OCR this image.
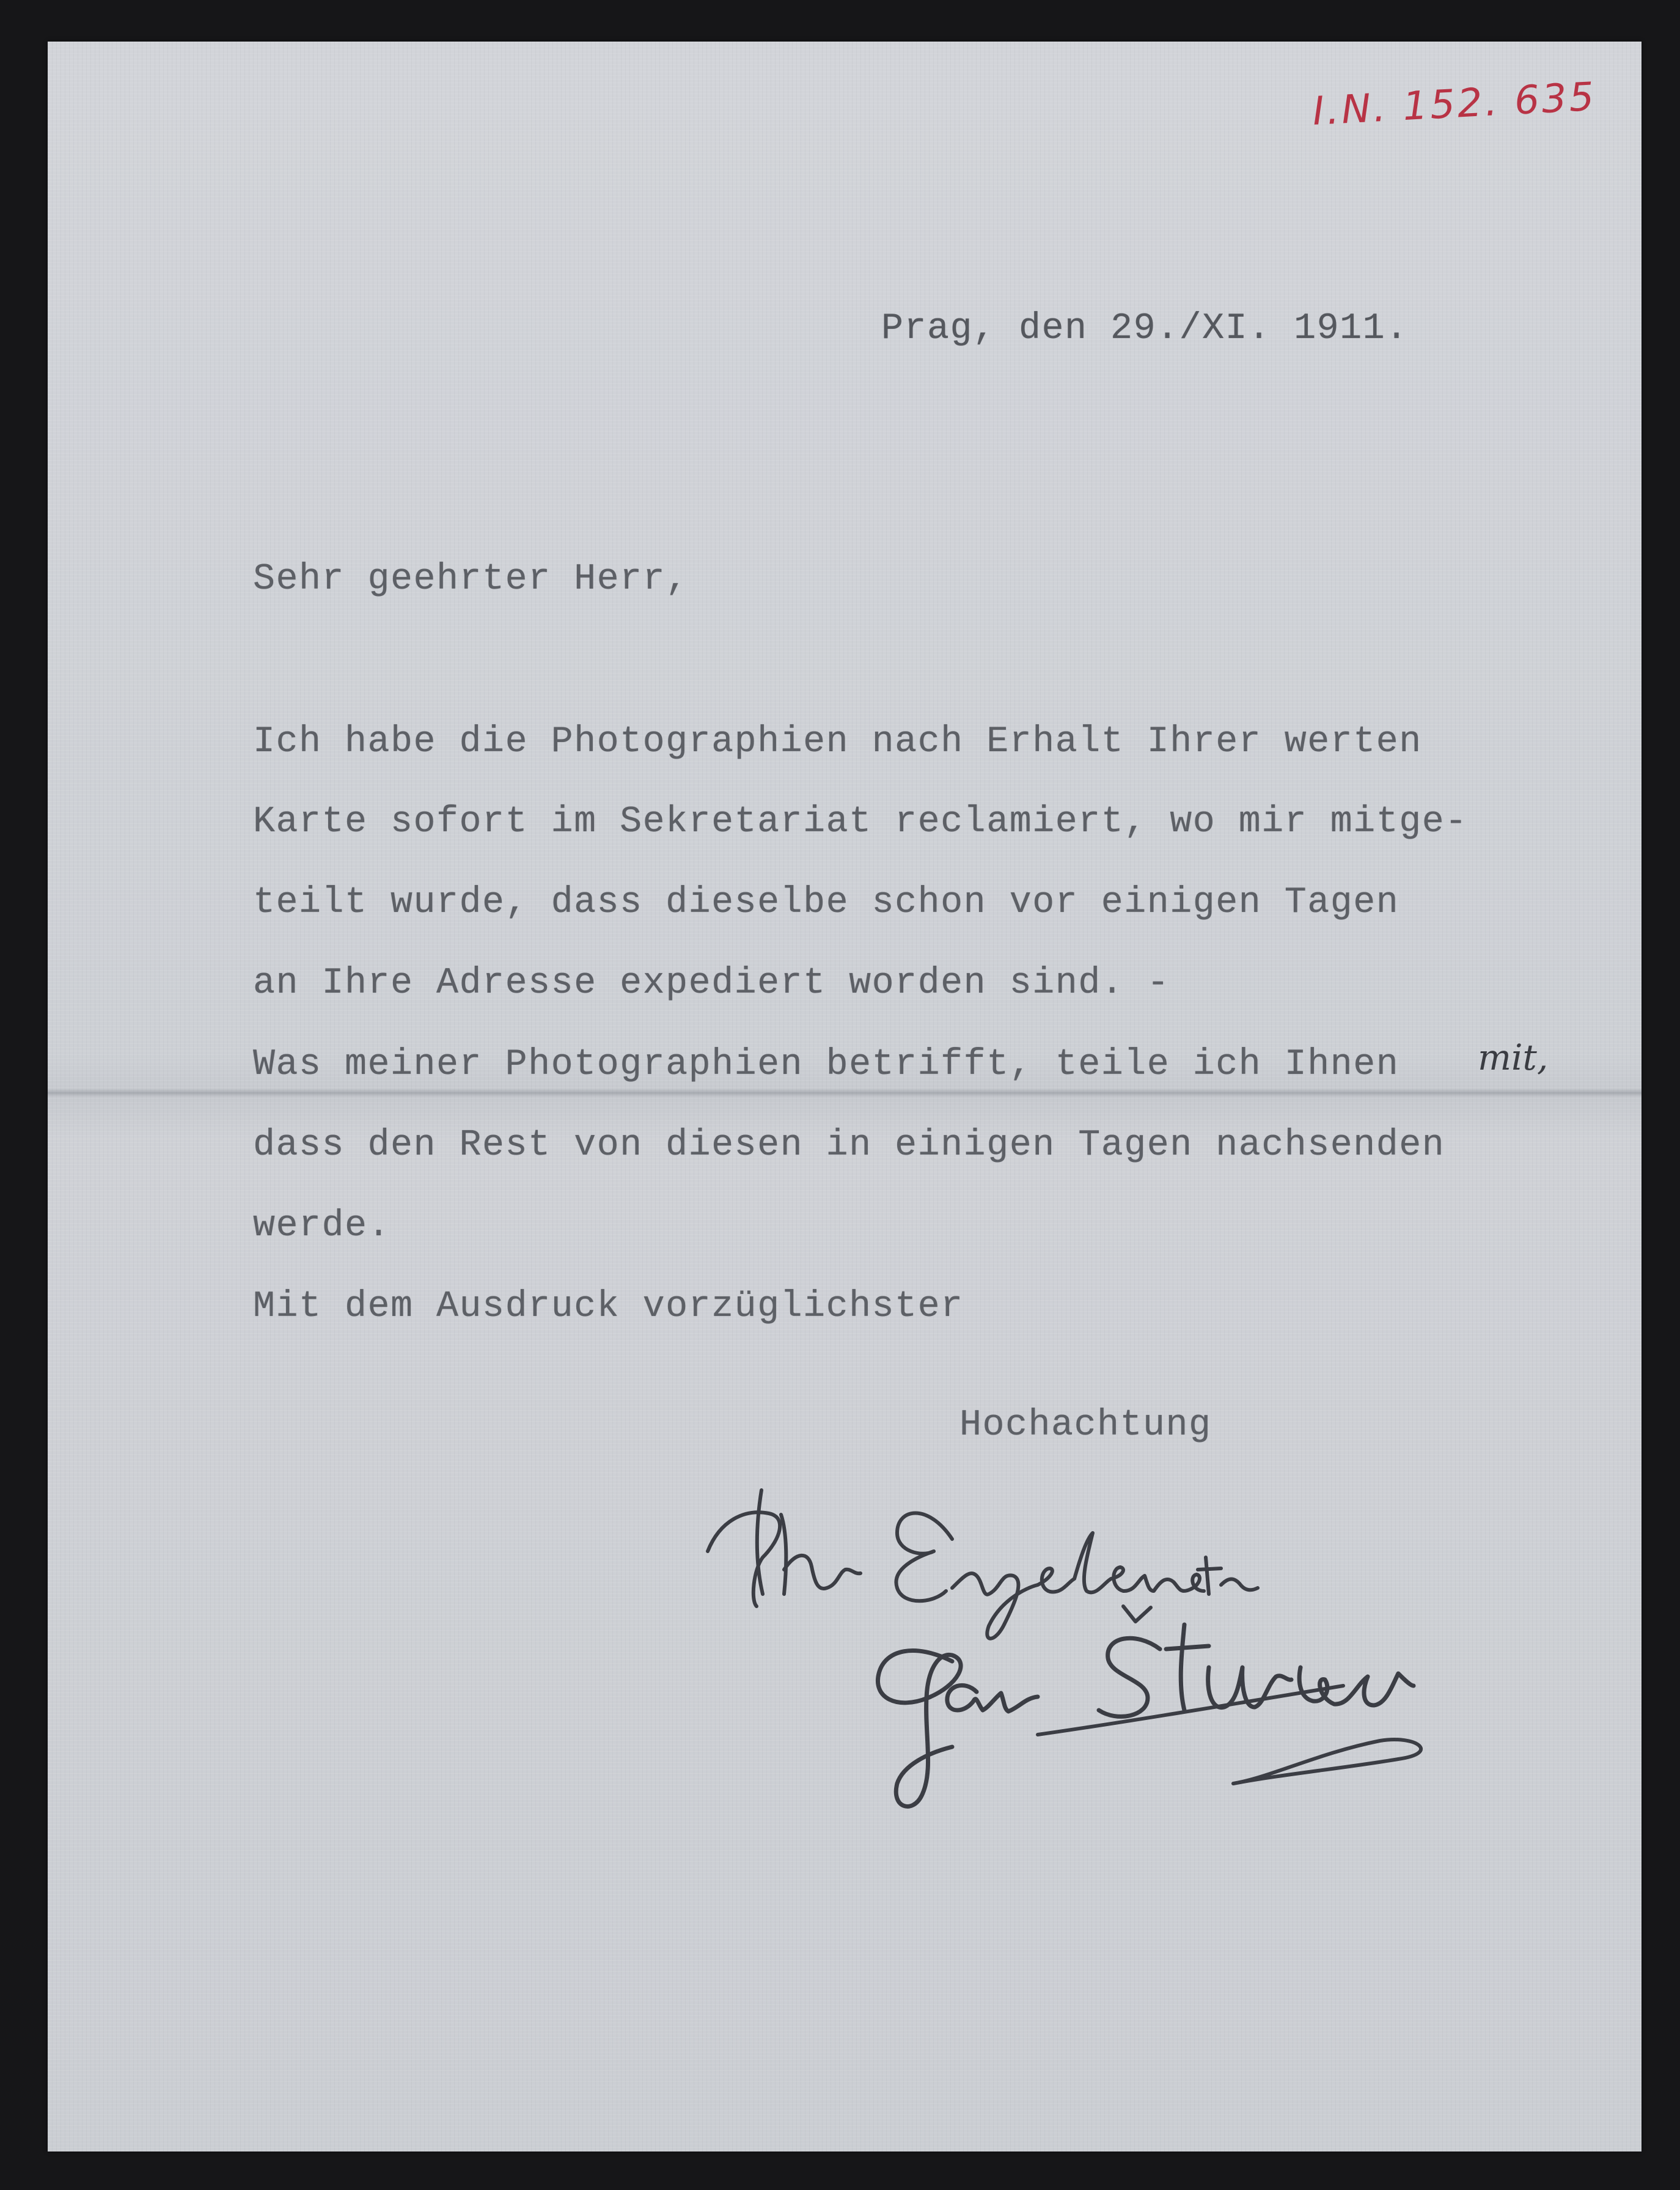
I.N. 152. 635

Prag, den 29./XI. 1911.

Sehr geehrter Herr,

Ich habe die Photographien nach Erhalt Ihrer werten

Karte sofort im Sekretariat reclamiert, wo mir mitge-

teilt wurde, dass dieselbe schon vor einigen Tagen

an Ihre Adresse expediert worden sind. -

Was meiner Photographien betrifft, teile ich Ihnen mit,

dass den Rest von diesen in einigen Tagen nachsenden

werde.

Mit dem Ausdruck vorzüglichster

Hochachtung
